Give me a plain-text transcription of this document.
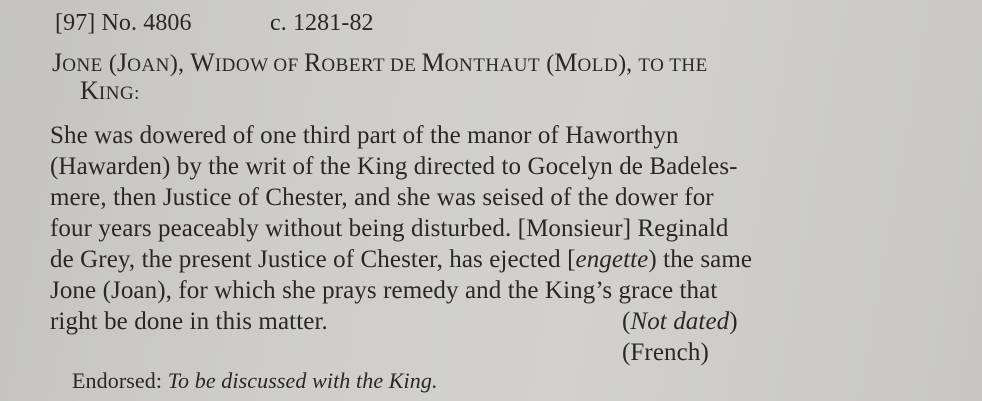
[97] No. 4806	c. 1281-82
JONE (JOAN), WIDOW OF ROBERT DE MONTHAUT (MOLD), TO THE
KING:
She was dowered of one third part of the manor of Haworthyn
(Hawarden) by the writ of the King directed to Gocelyn de Badeles-
mere, then Justice of Chester, and she was seised of the dower for
four years peaceably without being disturbed. [Monsieur] Reginald
de Grey, the present Justice of Chester, has ejected [engette) the same
Jone (Joan), for which she prays remedy and the King’s grace that
right be done in this matter.	(Not dated)
(French)
Endorsed: To be discussed with the King.
